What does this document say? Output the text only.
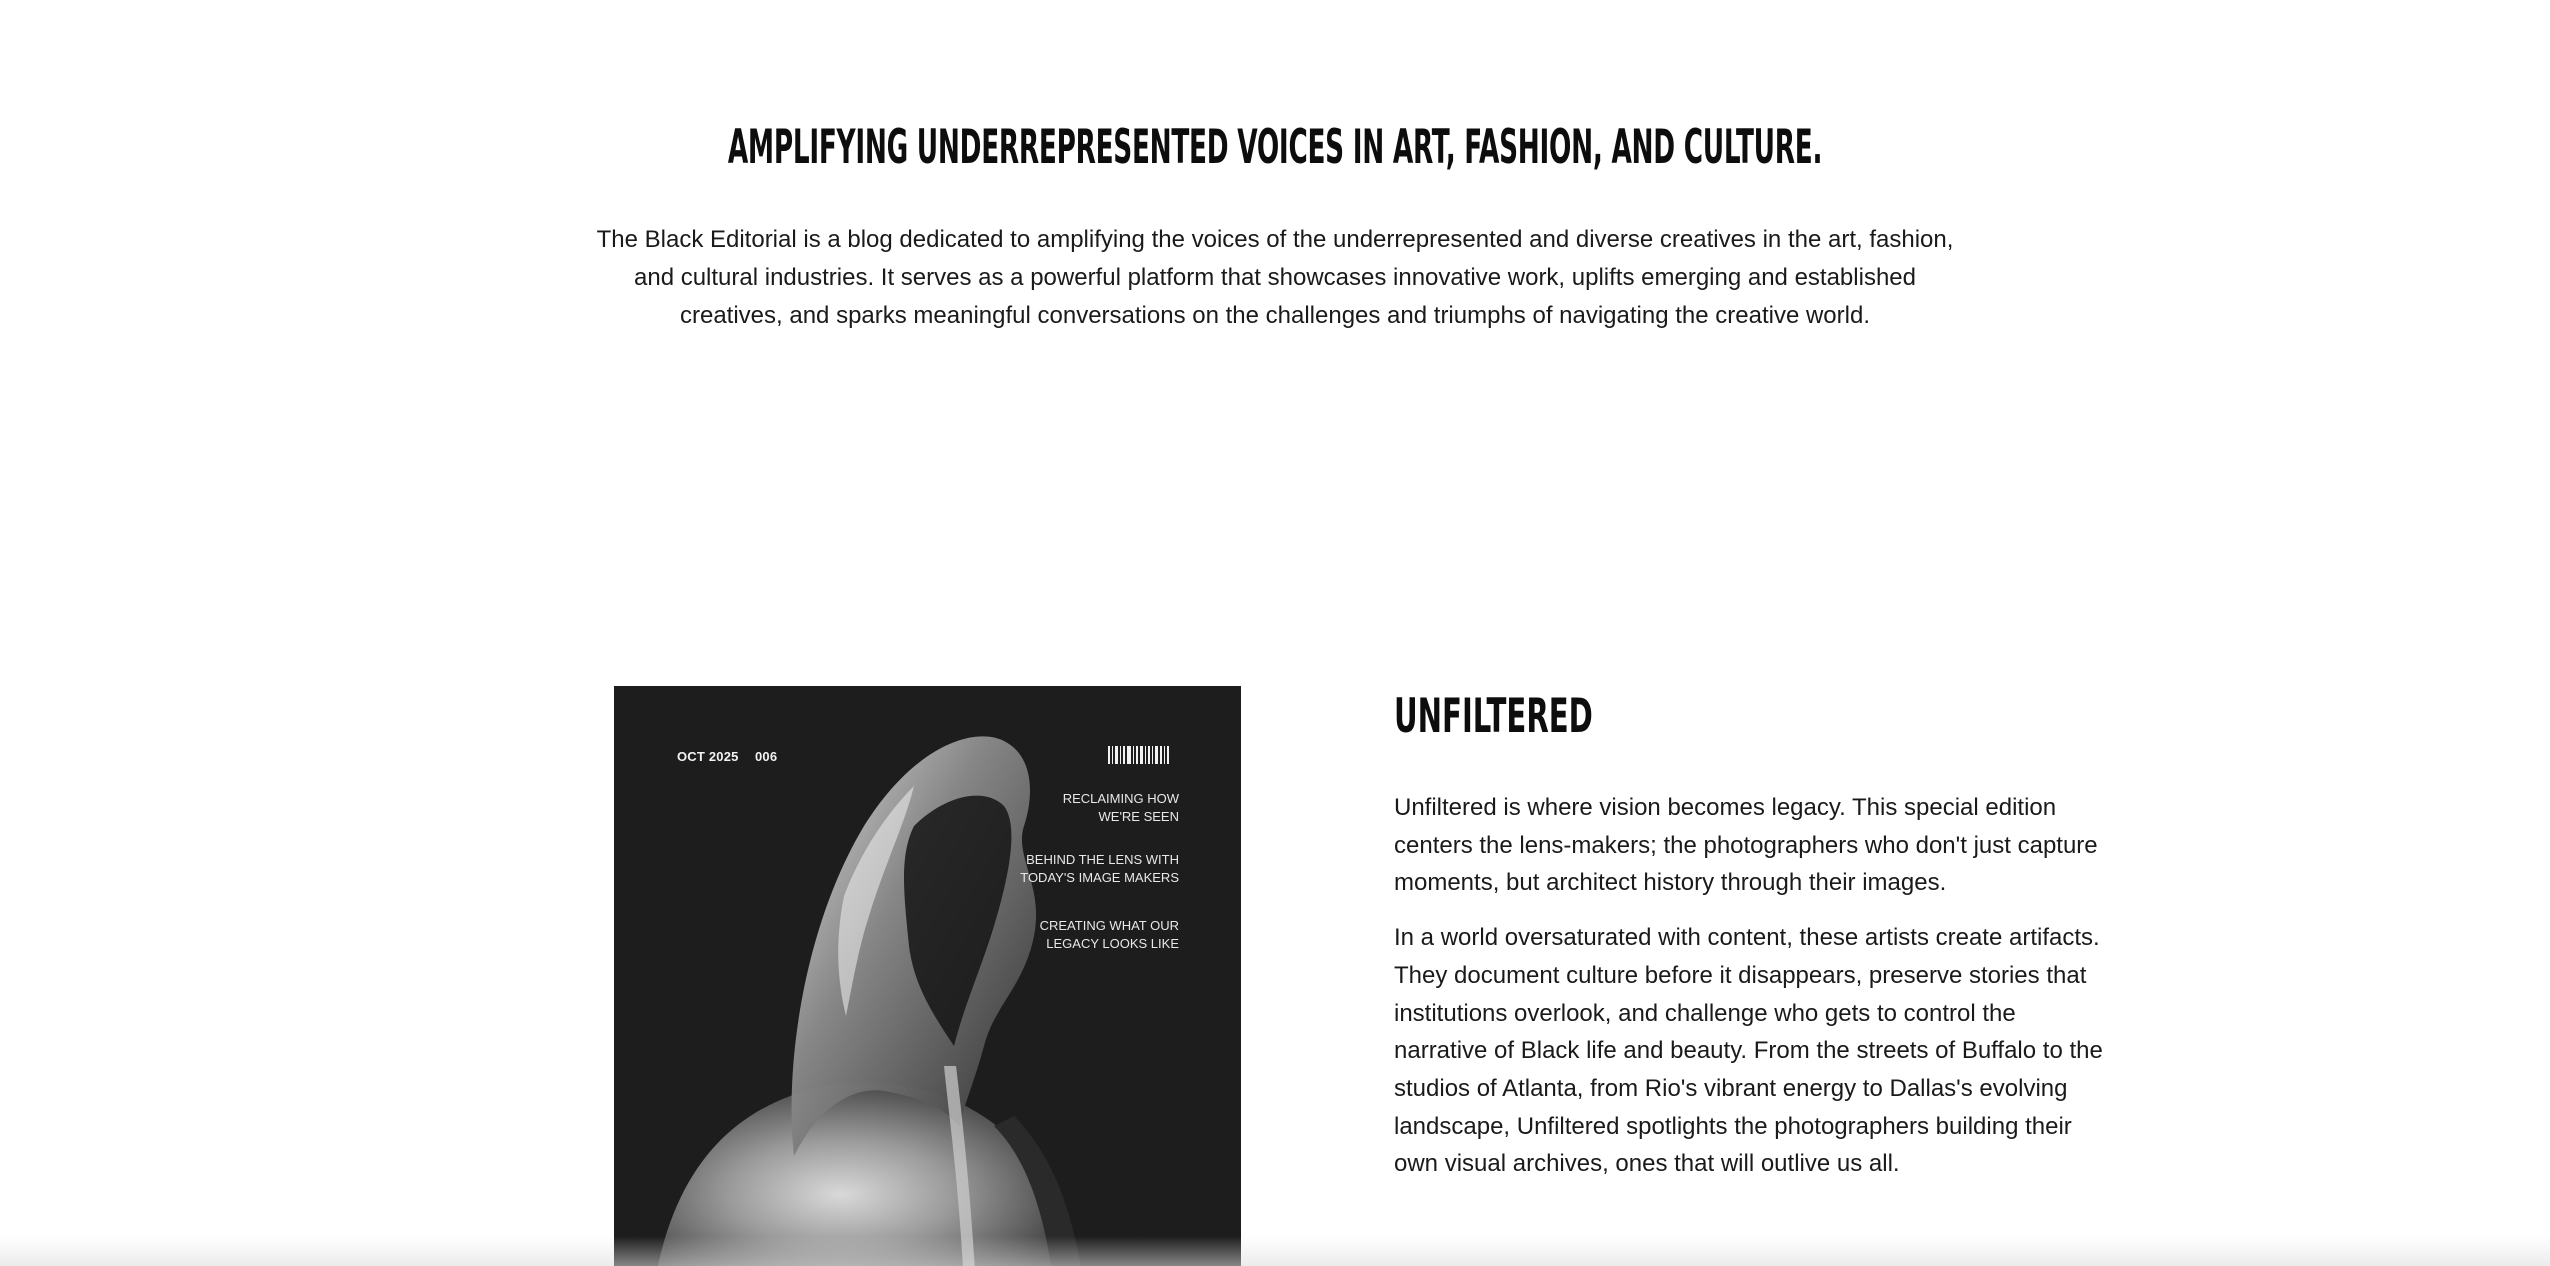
AMPLIFYING UNDERREPRESENTED VOICES IN ART, FASHION, AND CULTURE.

The Black Editorial is a blog dedicated to amplifying the voices of the underrepresented and diverse creatives in the art, fashion, and cultural industries. It serves as a powerful platform that showcases innovative work, uplifts emerging and established creatives, and sparks meaningful conversations on the challenges and triumphs of navigating the creative world.

OCT 2025 006
RECLAIMING HOW
WE'RE SEEN
BEHIND THE LENS WITH
TODAY'S IMAGE MAKERS
CREATING WHAT OUR
LEGACY LOOKS LIKE
UNFILTERED

Unfiltered is where vision becomes legacy. This special edition centers the lens-makers; the photographers who don't just capture moments, but architect history through their images.

In a world oversaturated with content, these artists create artifacts. They document culture before it disappears, preserve stories that institutions overlook, and challenge who gets to control the narrative of Black life and beauty. From the streets of Buffalo to the studios of Atlanta, from Rio's vibrant energy to Dallas's evolving landscape, Unfiltered spotlights the photographers building their own visual archives, ones that will outlive us all.
